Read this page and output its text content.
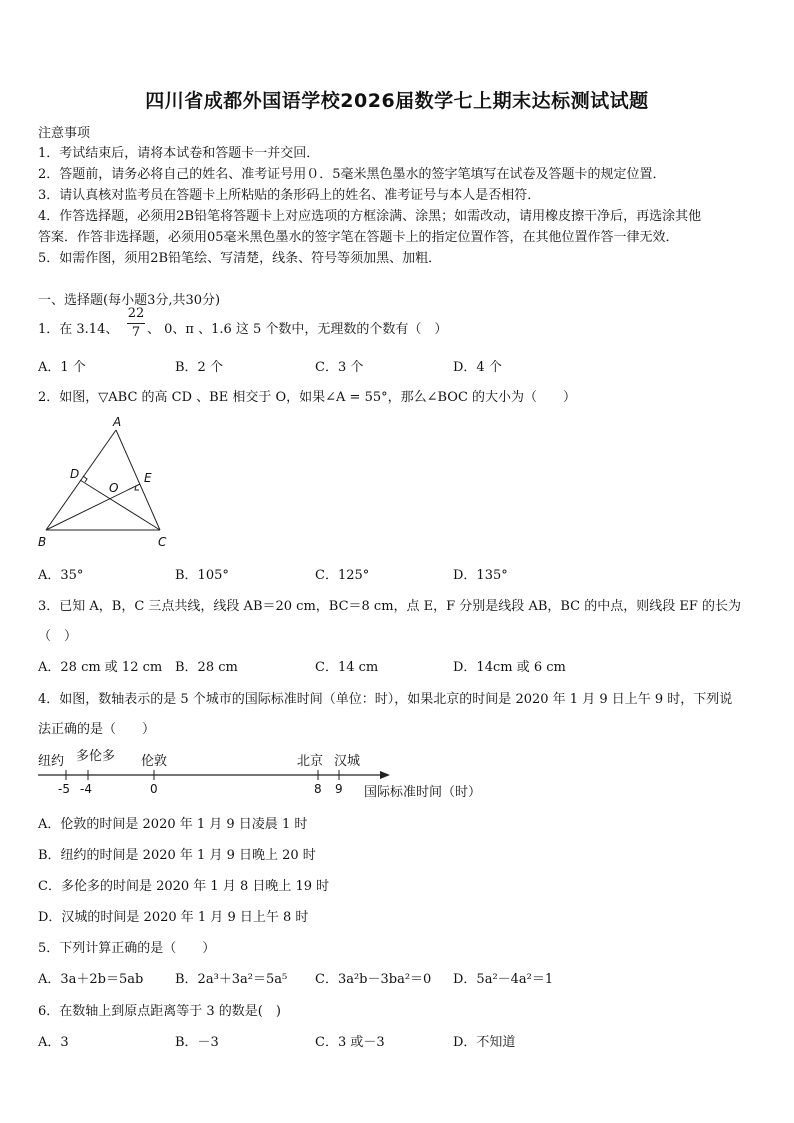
四川省成都外国语学校2026届数学七上期末达标测试试题
注意事项
1．考试结束后，请将本试卷和答题卡一并交回．
2．答题前，请务必将自己的姓名、准考证号用０．5毫米黑色墨水的签字笔填写在试卷及答题卡的规定位置．
3．请认真核对监考员在答题卡上所粘贴的条形码上的姓名、准考证号与本人是否相符．
4．作答选择题，必须用2B铅笔将答题卡上对应选项的方框涂满、涂黑；如需改动，请用橡皮擦干净后，再选涂其他
答案．作答非选择题，必须用05毫米黑色墨水的签字笔在答题卡上的指定位置作答，在其他位置作答一律无效．
5．如需作图，须用2B铅笔绘、写清楚，线条、符号等须加黑、加粗．
一、选择题(每小题3分,共30分)
1．在 3.14、
22
7 、 0、π 、1.6 这 5 个数中，无理数的个数有（　）
A．1 个	B．2 个	C．3 个	D．4 个
2．如图，▽ABC 的高 CD 、BE 相交于 O，如果∠A = 55°，那么∠BOC 的大小为（　　）
A
D	E
O
B	C
A．35°	B．105°	C．125°	D．135°
3．已知 A，B，C 三点共线，线段 AB＝20 cm，BC＝8 cm，点 E，F 分别是线段 AB，BC 的中点，则线段 EF 的长为
（　）
A．28 cm 或 12 cm B．28 cm	C．14 cm	D．14cm 或 6 cm
4．如图，数轴表示的是 5 个城市的国际标准时间（单位：时），如果北京的时间是 2020 年 1 月 9 日上午 9 时，下列说
法正确的是（　　）
纽约 多伦多 伦敦	北京 汉城
-5 -4	0	8 9 国际标准时间（时）
A．伦敦的时间是 2020 年 1 月 9 日凌晨 1 时
B．纽约的时间是 2020 年 1 月 9 日晚上 20 时
C．多伦多的时间是 2020 年 1 月 8 日晚上 19 时
D．汉城的时间是 2020 年 1 月 9 日上午 8 时
5．下列计算正确的是（　　）
A．3a＋2b＝5ab B．2a³＋3a²＝5a⁵ C．3a²b－3ba²＝0 D．5a²－4a²＝1
6．在数轴上到原点距离等于 3 的数是(　)
A．3	B．－3	C．3 或－3	D．不知道
